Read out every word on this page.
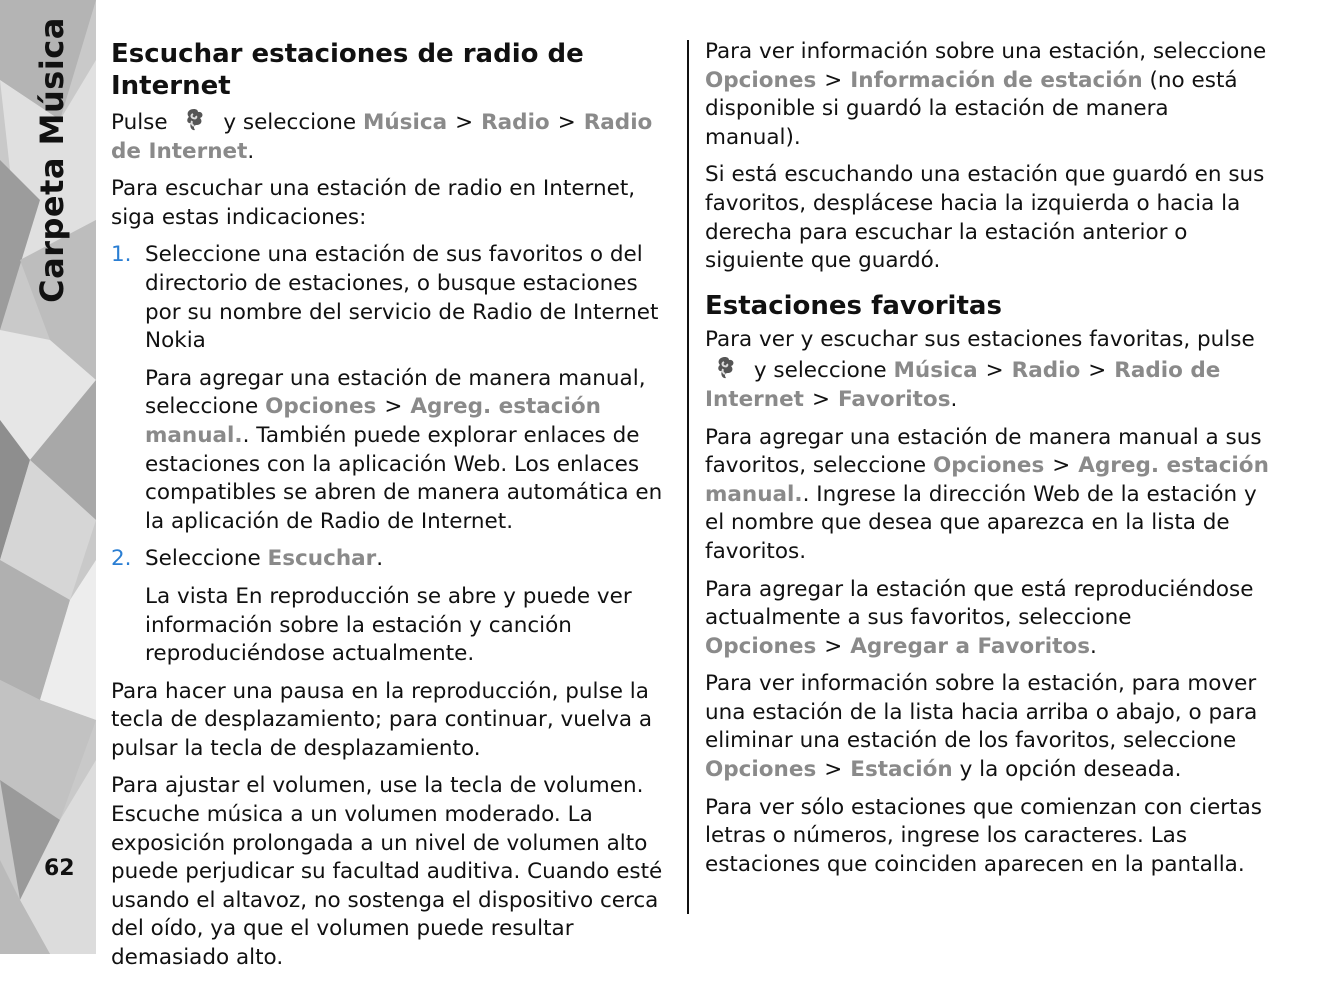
Carpeta Música
62
Escuchar estaciones de radio de Internet

Pulse	y seleccione Música > Radio > Radio de Internet.

Para escuchar una estación de radio en Internet, siga estas indicaciones:

1. Seleccione una estación de sus favoritos o del directorio de estaciones, o busque estaciones por su nombre del servicio de Radio de Internet Nokia

Para agregar una estación de manera manual, seleccione Opciones > Agreg. estación manual.. También puede explorar enlaces de estaciones con la aplicación Web. Los enlaces compatibles se abren de manera automática en la aplicación de Radio de Internet.

2. Seleccione Escuchar.

La vista En reproducción se abre y puede ver información sobre la estación y canción reproduciéndose actualmente.

Para hacer una pausa en la reproducción, pulse la tecla de desplazamiento; para continuar, vuelva a pulsar la tecla de desplazamiento.

Para ajustar el volumen, use la tecla de volumen. Escuche música a un volumen moderado. La exposición prolongada a un nivel de volumen alto puede perjudicar su facultad auditiva. Cuando esté usando el altavoz, no sostenga el dispositivo cerca del oído, ya que el volumen puede resultar demasiado alto.

Para ver información sobre una estación, seleccione Opciones > Información de estación (no está disponible si guardó la estación de manera manual).

Si está escuchando una estación que guardó en sus favoritos, desplácese hacia la izquierda o hacia la derecha para escuchar la estación anterior o siguiente que guardó.

Estaciones favoritas

Para ver y escuchar sus estaciones favoritas, pulse  y seleccione Música > Radio > Radio de Internet > Favoritos.

Para agregar una estación de manera manual a sus favoritos, seleccione Opciones > Agreg. estación manual.. Ingrese la dirección Web de la estación y el nombre que desea que aparezca en la lista de favoritos.

Para agregar la estación que está reproduciéndose actualmente a sus favoritos, seleccione Opciones > Agregar a Favoritos.

Para ver información sobre la estación, para mover una estación de la lista hacia arriba o abajo, o para eliminar una estación de los favoritos, seleccione Opciones > Estación y la opción deseada.

Para ver sólo estaciones que comienzan con ciertas letras o números, ingrese los caracteres. Las estaciones que coinciden aparecen en la pantalla.
